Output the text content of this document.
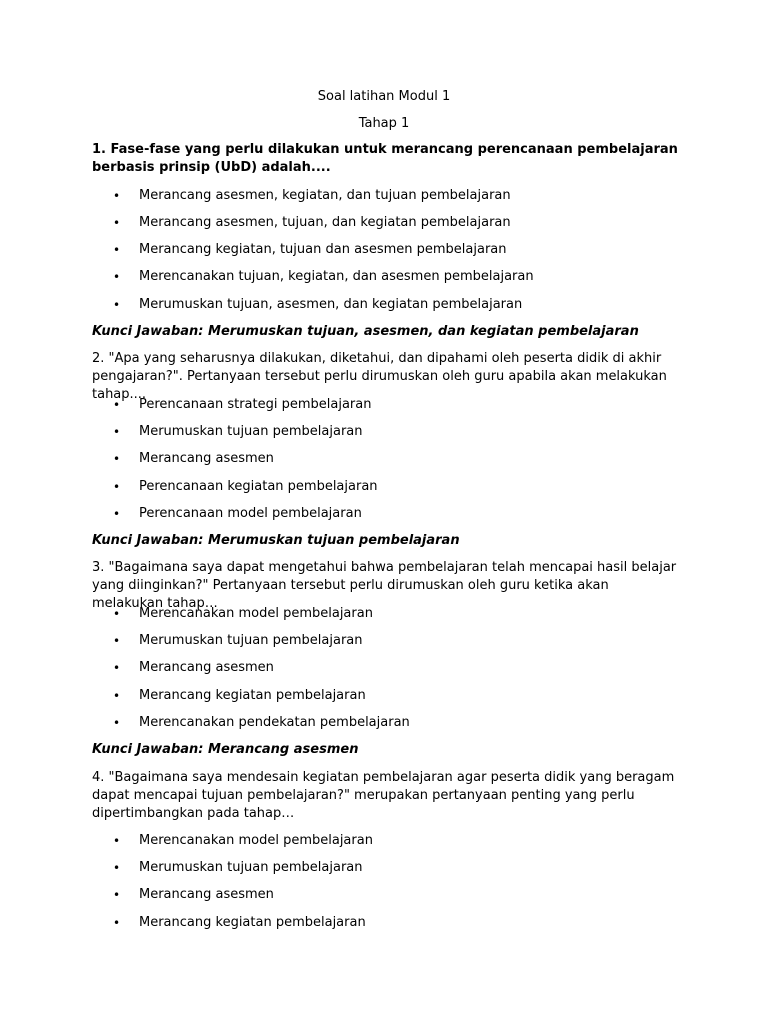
Soal latihan Modul 1
Tahap 1
1. Fase-fase yang perlu dilakukan untuk merancang perencanaan pembelajaran berbasis prinsip (UbD) adalah....
• Merancang asesmen, kegiatan, dan tujuan pembelajaran
• Merancang asesmen, tujuan, dan kegiatan pembelajaran
• Merancang kegiatan, tujuan dan asesmen pembelajaran
• Merencanakan tujuan, kegiatan, dan asesmen pembelajaran
• Merumuskan tujuan, asesmen, dan kegiatan pembelajaran
Kunci Jawaban: Merumuskan tujuan, asesmen, dan kegiatan pembelajaran
2. "Apa yang seharusnya dilakukan, diketahui, dan dipahami oleh peserta didik di akhir pengajaran?". Pertanyaan tersebut perlu dirumuskan oleh guru apabila akan melakukan tahap....
• Perencanaan strategi pembelajaran
• Merumuskan tujuan pembelajaran
• Merancang asesmen
• Perencanaan kegiatan pembelajaran
• Perencanaan model pembelajaran
Kunci Jawaban: Merumuskan tujuan pembelajaran
3. "Bagaimana saya dapat mengetahui bahwa pembelajaran telah mencapai hasil belajar yang diinginkan?" Pertanyaan tersebut perlu dirumuskan oleh guru ketika akan melakukan tahap…
• Merencanakan model pembelajaran
• Merumuskan tujuan pembelajaran
• Merancang asesmen
• Merancang kegiatan pembelajaran
• Merencanakan pendekatan pembelajaran
Kunci Jawaban: Merancang asesmen
4. "Bagaimana saya mendesain kegiatan pembelajaran agar peserta didik yang beragam dapat mencapai tujuan pembelajaran?" merupakan pertanyaan penting yang perlu dipertimbangkan pada tahap…
• Merencanakan model pembelajaran
• Merumuskan tujuan pembelajaran
• Merancang asesmen
• Merancang kegiatan pembelajaran
